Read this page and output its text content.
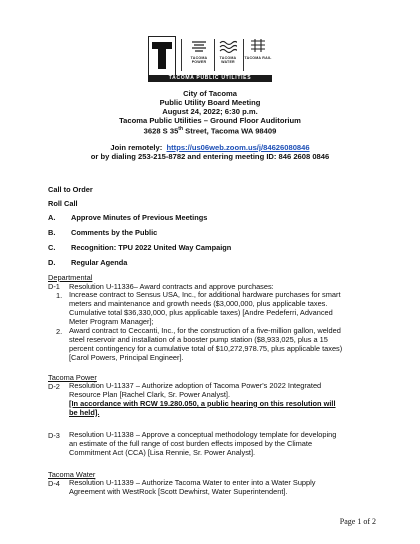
TACOMA POWER
TACOMA WATER
TACOMA RAIL
TACOMA PUBLIC UTILITIES
City of Tacoma
Public Utility Board Meeting
August 24, 2022; 6:30 p.m.
Tacoma Public Utilities – Ground Floor Auditorium
3628 S 35th Street, Tacoma WA 98409
Join remotely:  https://us06web.zoom.us/j/84626080846
or by dialing 253-215-8782 and entering meeting ID: 846 2608 0846
Call to Order
Roll Call
A. Approve Minutes of Previous Meetings
B. Comments by the Public
C. Recognition: TPU 2022 United Way Campaign
D. Regular Agenda
Departmental
D-1 Resolution U-11336– Award contracts and approve purchases:
1. Increase contract to Sensus USA, Inc., for additional hardware purchases for smart
meters and maintenance and growth needs ($3,000,000, plus applicable taxes.
Cumulative total $36,330,000, plus applicable taxes) [Andre Pedeferri, Advanced
Meter Program Manager];
2. Award contract to Ceccanti, Inc., for the construction of a five-million gallon, welded
steel reservoir and installation of a booster pump station ($8,933,025, plus a 15
percent contingency for a cumulative total of $10,272,978.75, plus applicable taxes)
[Carol Powers, Principal Engineer].
Tacoma Power
D-2 Resolution U-11337 – Authorize adoption of Tacoma Power's 2022 Integrated
Resource Plan [Rachel Clark, Sr. Power Analyst].
[In accordance with RCW 19.280.050, a public hearing on this resolution will
be held].
D-3 Resolution U-11338 – Approve a conceptual methodology template for developing
an estimate of the full range of cost burden effects imposed by the Climate
Commitment Act (CCA) [Lisa Rennie, Sr. Power Analyst].
Tacoma Water
D-4 Resolution U-11339 – Authorize Tacoma Water to enter into a Water Supply
Agreement with WestRock [Scott Dewhirst, Water Superintendent].
Page 1 of 2
